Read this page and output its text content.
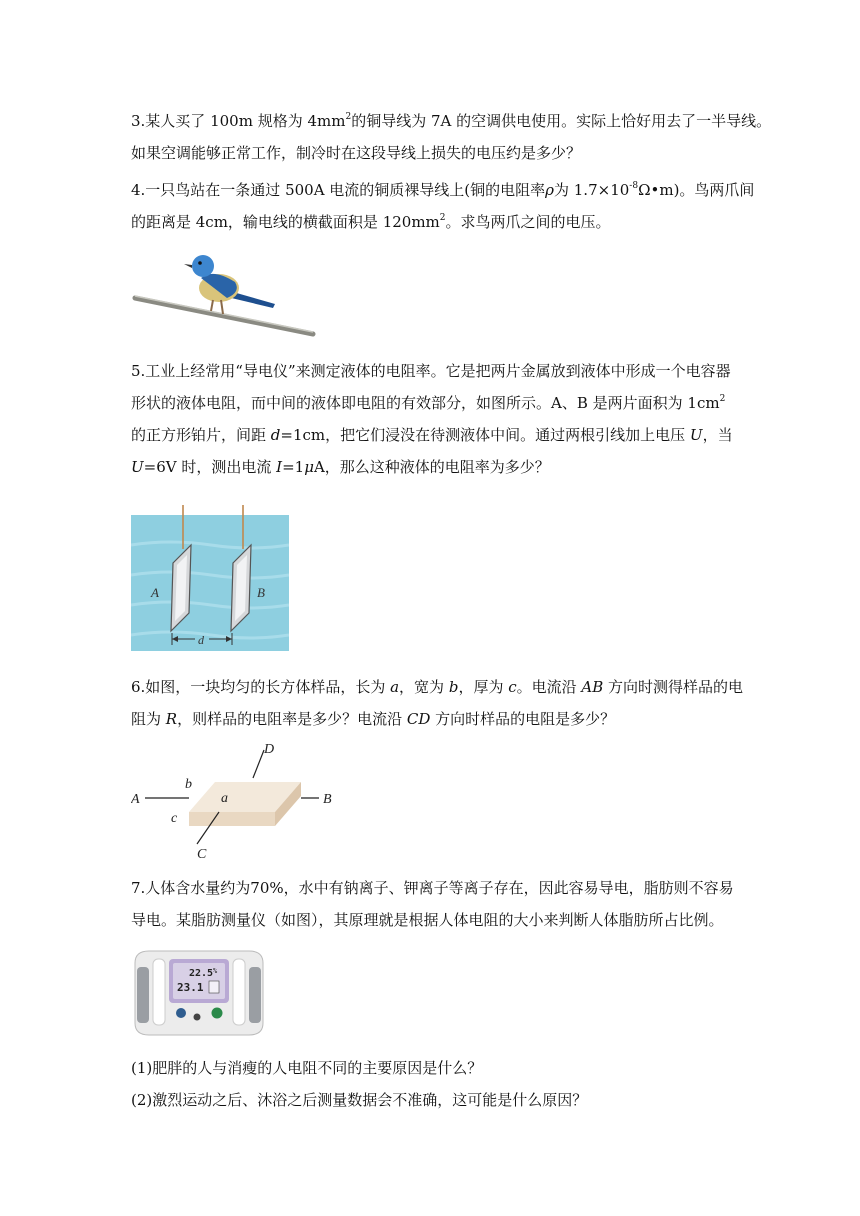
3.某人买了 100m 规格为 $4mm^2$的铜导线为 7A 的空调供电使用。实际上恰好用去了一半导线。
如果空调能够正常工作，制冷时在这段导线上损失的电压约是多少？

4.一只鸟站在一条通过 500A 电流的铜质裸导线上(铜的电阻率ρ为 $1.7\times 10^{-8}\Omega•m$)。鸟两爪间
的距离是 4cm，输电线的横截面积是 $120mm^2$。求鸟两爪之间的电压。

5.工业上经常用“导电仪”来测定液体的电阻率。它是把两片金属放到液体中形成一个电容器
形状的液体电阻，而中间的液体即电阻的有效部分，如图所示。A、B 是两片面积为 $1cm^2$
的正方形铂片，间距 d=1cm，把它们浸没在待测液体中间。通过两根引线加上电压 U，当
U=6V 时，测出电流 I=1μA，那么这种液体的电阻率为多少？

A	B
d

6.如图，一块均匀的长方体样品，长为 a，宽为 b，厚为 c。电流沿 AB 方向时测得样品的电
阻为 R，则样品的电阻率是多少？电流沿 CD 方向时样品的电阻是多少？

A	B
C
D
a
b
c

7.人体含水量约为70%，水中有钠离子、钾离子等离子存在，因此容易导电，脂肪则不容易
导电。某脂肪测量仪（如图），其原理就是根据人体电阻的大小来判断人体脂肪所占比例。

22.5 %
23.1

(1)肥胖的人与消瘦的人电阻不同的主要原因是什么？
(2)激烈运动之后、沐浴之后测量数据会不准确，这可能是什么原因？
